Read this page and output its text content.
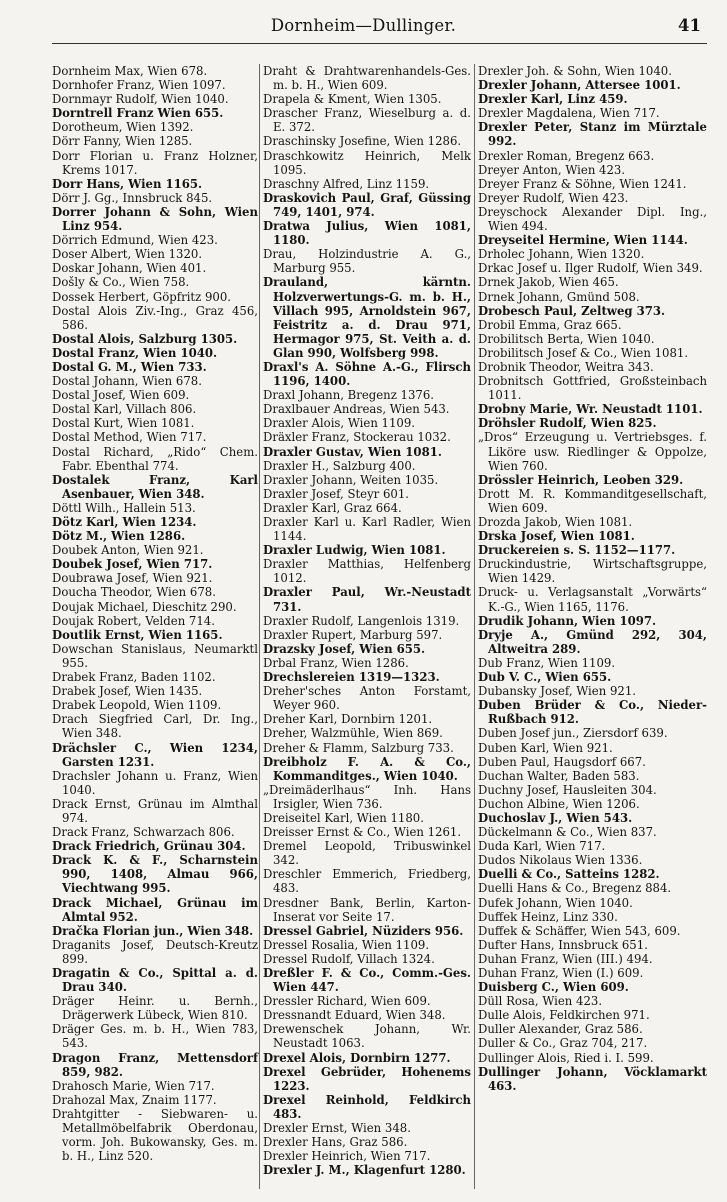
Dornheim—Dullinger.	41
Dornheim Max, Wien 678.
Dornhofer Franz, Wien 1097.
Dornmayr Rudolf, Wien 1040.
Dorntrell Franz Wien 655.
Dorotheum, Wien 1392.
Dörr Fanny, Wien 1285.
Dorr Florian u. Franz Holzner, Krems 1017.
Dorr Hans, Wien 1165.
Dörr J. Gg., Innsbruck 845.
Dorrer Johann & Sohn, Wien Linz 954.
Dörrich Edmund, Wien 423.
Doser Albert, Wien 1320.
Doskar Johann, Wien 401.
Došly & Co., Wien 758.
Dossek Herbert, Göpfritz 900.
Dostal Alois Ziv.-Ing., Graz 456, 586.
Dostal Alois, Salzburg 1305.
Dostal Franz, Wien 1040.
Dostal G. M., Wien 733.
Dostal Johann, Wien 678.
Dostal Josef, Wien 609.
Dostal Karl, Villach 806.
Dostal Kurt, Wien 1081.
Dostal Method, Wien 717.
Dostal Richard, „Rido“ Chem. Fabr. Ebenthal 774.
Dostalek Franz, Karl Asenbauer, Wien 348.
Döttl Wilh., Hallein 513.
Dötz Karl, Wien 1234.
Dötz M., Wien 1286.
Doubek Anton, Wien 921.
Doubek Josef, Wien 717.
Doubrawa Josef, Wien 921.
Doucha Theodor, Wien 678.
Doujak Michael, Dieschitz 290.
Doujak Robert, Velden 714.
Doutlik Ernst, Wien 1165.
Dowschan Stanislaus, Neumarktl 955.
Drabek Franz, Baden 1102.
Drabek Josef, Wien 1435.
Drabek Leopold, Wien 1109.
Drach Siegfried Carl, Dr. Ing., Wien 348.
Drächsler C., Wien 1234, Garsten 1231.
Drachsler Johann u. Franz, Wien 1040.
Drack Ernst, Grünau im Almthal 974.
Drack Franz, Schwarzach 806.
Drack Friedrich, Grünau 304.
Drack K. & F., Scharnstein 990, 1408, Almau 966, Viechtwang 995.
Drack Michael, Grünau im Almtal 952.
Dračka Florian jun., Wien 348.
Draganits Josef, Deutsch-Kreutz 899.
Dragatin & Co., Spittal a. d. Drau 340.
Dräger Heinr. u. Bernh., Drägerwerk Lübeck, Wien 810.
Dräger Ges. m. b. H., Wien 783, 543.
Dragon Franz, Mettensdorf 859, 982.
Drahosch Marie, Wien 717.
Drahozal Max, Znaim 1177.
Drahtgitter - Siebwaren- u. Metallmöbelfabrik Oberdonau, vorm. Joh. Bukowansky, Ges. m. b. H., Linz 520.
Draht & Drahtwarenhandels-Ges. m. b. H., Wien 609.
Drapela & Kment, Wien 1305.
Drascher Franz, Wieselburg a. d. E. 372.
Draschinsky Josefine, Wien 1286.
Draschkowitz Heinrich, Melk 1095.
Draschny Alfred, Linz 1159.
Draskovich Paul, Graf, Güssing 749, 1401, 974.
Dratwa Julius, Wien 1081, 1180.
Drau, Holzindustrie A. G., Marburg 955.
Drauland, kärntn. Holzverwertungs-G. m. b. H., Villach 995, Arnoldstein 967, Feistritz a. d. Drau 971, Hermagor 975, St. Veith a. d. Glan 990, Wolfsberg 998.
Draxl's A. Söhne A.-G., Flirsch 1196, 1400.
Draxl Johann, Bregenz 1376.
Draxlbauer Andreas, Wien 543.
Draxler Alois, Wien 1109.
Dräxler Franz, Stockerau 1032.
Draxler Gustav, Wien 1081.
Draxler H., Salzburg 400.
Draxler Johann, Weiten 1035.
Draxler Josef, Steyr 601.
Draxler Karl, Graz 664.
Draxler Karl u. Karl Radler, Wien 1144.
Draxler Ludwig, Wien 1081.
Draxler Matthias, Helfenberg 1012.
Draxler Paul, Wr.-Neustadt 731.
Draxler Rudolf, Langenlois 1319.
Draxler Rupert, Marburg 597.
Drazsky Josef, Wien 655.
Drbal Franz, Wien 1286.
Drechslereien 1319—1323.
Dreher'sches Anton Forstamt, Weyer 960.
Dreher Karl, Dornbirn 1201.
Dreher, Walzmühle, Wien 869.
Dreher & Flamm, Salzburg 733.
Dreibholz F. A. & Co., Kommanditges., Wien 1040.
„Dreimäderlhaus“ Inh. Hans Irsigler, Wien 736.
Dreiseitel Karl, Wien 1180.
Dreisser Ernst & Co., Wien 1261.
Dremel Leopold, Tribuswinkel 342.
Dreschler Emmerich, Friedberg, 483.
Dresdner Bank, Berlin, Karton-Inserat vor Seite 17.
Dressel Gabriel, Nüziders 956.
Dressel Rosalia, Wien 1109.
Dressel Rudolf, Villach 1324.
Dreßler F. & Co., Comm.-Ges. Wien 447.
Dressler Richard, Wien 609.
Dressnandt Eduard, Wien 348.
Drewenschek Johann, Wr. Neustadt 1063.
Drexel Alois, Dornbirn 1277.
Drexel Gebrüder, Hohenems 1223.
Drexel Reinhold, Feldkirch 483.
Drexler Ernst, Wien 348.
Drexler Hans, Graz 586.
Drexler Heinrich, Wien 717.
Drexler J. M., Klagenfurt 1280.
Drexler Joh. & Sohn, Wien 1040.
Drexler Johann, Attersee 1001.
Drexler Karl, Linz 459.
Drexler Magdalena, Wien 717.
Drexler Peter, Stanz im Mürztale 992.
Drexler Roman, Bregenz 663.
Dreyer Anton, Wien 423.
Dreyer Franz & Söhne, Wien 1241.
Dreyer Rudolf, Wien 423.
Dreyschock Alexander Dipl. Ing., Wien 494.
Dreyseitel Hermine, Wien 1144.
Drholec Johann, Wien 1320.
Drkac Josef u. Ilger Rudolf, Wien 349.
Drnek Jakob, Wien 465.
Drnek Johann, Gmünd 508.
Drobesch Paul, Zeltweg 373.
Drobil Emma, Graz 665.
Drobilitsch Berta, Wien 1040.
Drobilitsch Josef & Co., Wien 1081.
Drobnik Theodor, Weitra 343.
Drobnitsch Gottfried, Großsteinbach 1011.
Drobny Marie, Wr. Neustadt 1101.
Dröhsler Rudolf, Wien 825.
„Dros“ Erzeugung u. Vertriebsges. f. Liköre usw. Riedlinger & Oppolze, Wien 760.
Drössler Heinrich, Leoben 329.
Drott M. R. Kommanditgesellschaft, Wien 609.
Drozda Jakob, Wien 1081.
Drska Josef, Wien 1081.
Druckereien s. S. 1152—1177.
Druckindustrie, Wirtschaftsgruppe, Wien 1429.
Druck- u. Verlagsanstalt „Vorwärts“ K.-G., Wien 1165, 1176.
Drudik Johann, Wien 1097.
Dryje A., Gmünd 292, 304, Altweitra 289.
Dub Franz, Wien 1109.
Dub V. C., Wien 655.
Dubansky Josef, Wien 921.
Duben Brüder & Co., Nieder-Rußbach 912.
Duben Josef jun., Ziersdorf 639.
Duben Karl, Wien 921.
Duben Paul, Haugsdorf 667.
Duchan Walter, Baden 583.
Duchny Josef, Hausleiten 304.
Duchon Albine, Wien 1206.
Duchoslav J., Wien 543.
Dückelmann & Co., Wien 837.
Duda Karl, Wien 717.
Dudos Nikolaus Wien 1336.
Duelli & Co., Satteins 1282.
Duelli Hans & Co., Bregenz 884.
Dufek Johann, Wien 1040.
Duffek Heinz, Linz 330.
Duffek & Schäffer, Wien 543, 609.
Dufter Hans, Innsbruck 651.
Duhan Franz, Wien (III.) 494.
Duhan Franz, Wien (I.) 609.
Duisberg C., Wien 609.
Düll Rosa, Wien 423.
Dulle Alois, Feldkirchen 971.
Duller Alexander, Graz 586.
Duller & Co., Graz 704, 217.
Dullinger Alois, Ried i. I. 599.
Dullinger Johann, Vöcklamarkt 463.
